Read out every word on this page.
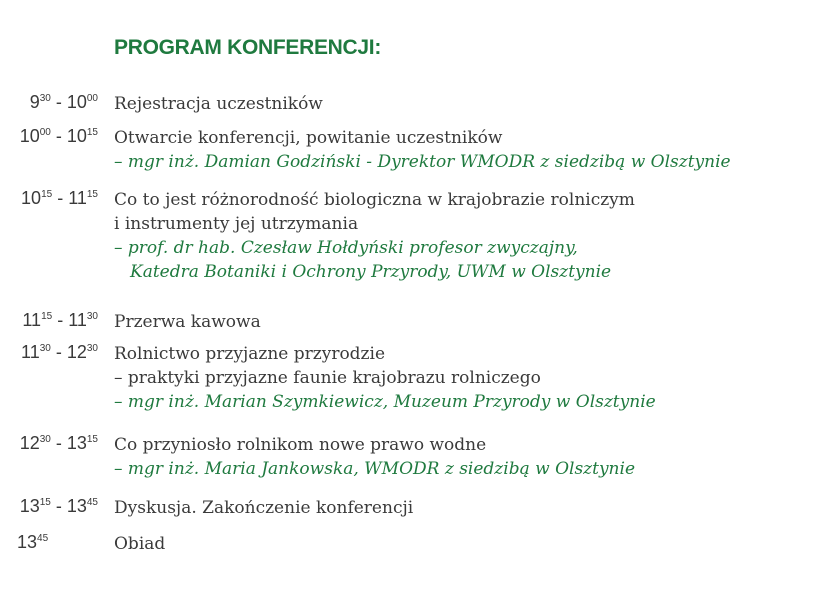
PROGRAM KONFERENCJI:
$9^{30} - 10^{00}$ Rejestracja uczestników
$10^{00} - 10^{15}$ Otwarcie konferencji, powitanie uczestników
– mgr inż. Damian Godziński - Dyrektor WMODR z siedzibą w Olsztynie
$10^{15} - 11^{15}$ Co to jest różnorodność biologiczna w krajobrazie rolniczym
i instrumenty jej utrzymania
– prof. dr hab. Czesław Hołdyński profesor zwyczajny,
Katedra Botaniki i Ochrony Przyrody, UWM w Olsztynie
$11^{15} - 11^{30}$ Przerwa kawowa
$11^{30} - 12^{30}$ Rolnictwo przyjazne przyrodzie
– praktyki przyjazne faunie krajobrazu rolniczego
– mgr inż. Marian Szymkiewicz, Muzeum Przyrody w Olsztynie
$12^{30} - 13^{15}$ Co przyniosło rolnikom nowe prawo wodne
– mgr inż. Maria Jankowska, WMODR z siedzibą w Olsztynie
$13^{15} - 13^{45}$ Dyskusja. Zakończenie konferencji
$13^{45}$	Obiad
